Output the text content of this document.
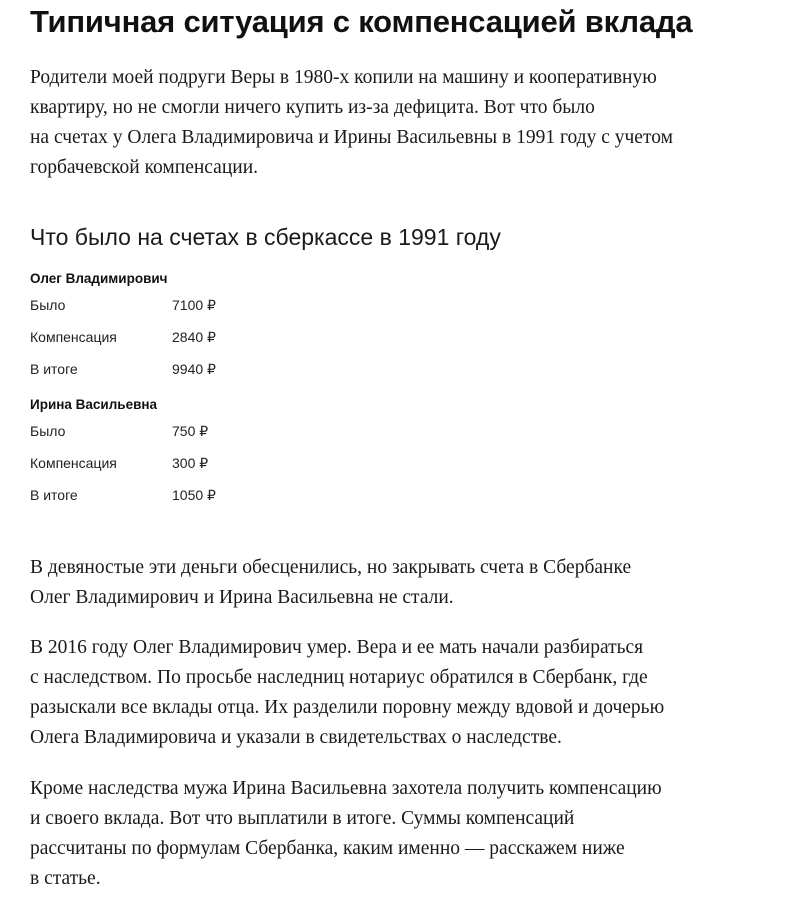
Типичная ситуация с компенсацией вклада

Родители моей подруги Веры в 1980-х копили на машину и кооперативную
квартиру, но не смогли ничего купить из-за дефицита. Вот что было
на счетах у Олега Владимировича и Ирины Васильевны в 1991 году с учетом
горбачевской компенсации.

Что было на счетах в сберкассе в 1991 году
Олег Владимирович
Было	7100 ₽
Компенсация	2840 ₽
В итоге	9940 ₽
Ирина Васильевна
Было	750 ₽
Компенсация	300 ₽
В итоге	1050 ₽

В девяностые эти деньги обесценились, но закрывать счета в Сбербанке
Олег Владимирович и Ирина Васильевна не стали.

В 2016 году Олег Владимирович умер. Вера и ее мать начали разбираться
с наследством. По просьбе наследниц нотариус обратился в Сбербанк, где
разыскали все вклады отца. Их разделили поровну между вдовой и дочерью
Олега Владимировича и указали в свидетельствах о наследстве.

Кроме наследства мужа Ирина Васильевна захотела получить компенсацию
и своего вклада. Вот что выплатили в итоге. Суммы компенсаций
рассчитаны по формулам Сбербанка, каким именно — расскажем ниже
в статье.
